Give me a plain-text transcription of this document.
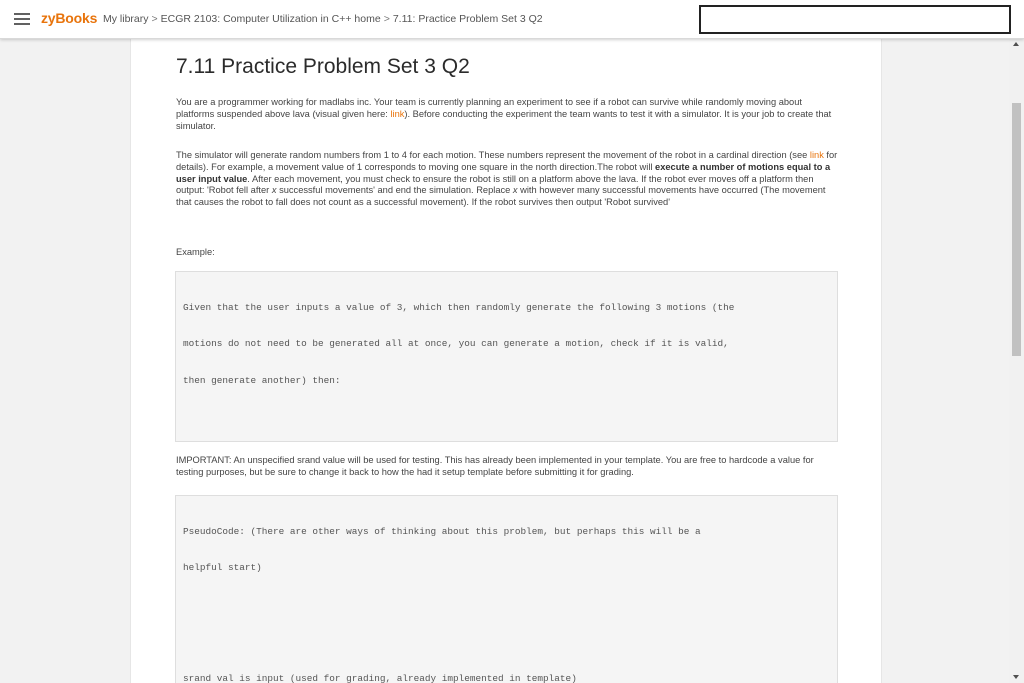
zyBooks My library > ECGR 2103: Computer Utilization in C++ home > 7.11: Practice Problem Set 3 Q2
7.11 Practice Problem Set 3 Q2

You are a programmer working for madlabs inc. Your team is currently planning an experiment to see if a robot can survive while randomly moving about platforms suspended above lava (visual given here: link). Before conducting the experiment the team wants to test it with a simulator. It is your job to create that simulator.

The simulator will generate random numbers from 1 to 4 for each motion. These numbers represent the movement of the robot in a cardinal direction (see link for details). For example, a movement value of 1 corresponds to moving one square in the north direction.The robot will execute a number of motions equal to a user input value. After each movement, you must check to ensure the robot is still on a platform above the lava. If the robot ever moves off a platform then output: 'Robot fell after x successful movements' and end the simulation. Replace x with however many successful movements have occurred (The movement that causes the robot to fall does not count as a successful movement). If the robot survives then output 'Robot survived'

Example:

Given that the user inputs a value of 3, which then randomly generate the following 3 motions (the

motions do not need to be generated all at once, you can generate a motion, check if it is valid,

then generate another) then:

IMPORTANT: An unspecified srand value will be used for testing. This has already been implemented in your template. You are free to hardcode a value for testing purposes, but be sure to change it back to how the had it setup template before submitting it for grading.

PseudoCode: (There are other ways of thinking about this problem, but perhaps this will be a

helpful start)

srand val is input (used for grading, already implemented in template)
